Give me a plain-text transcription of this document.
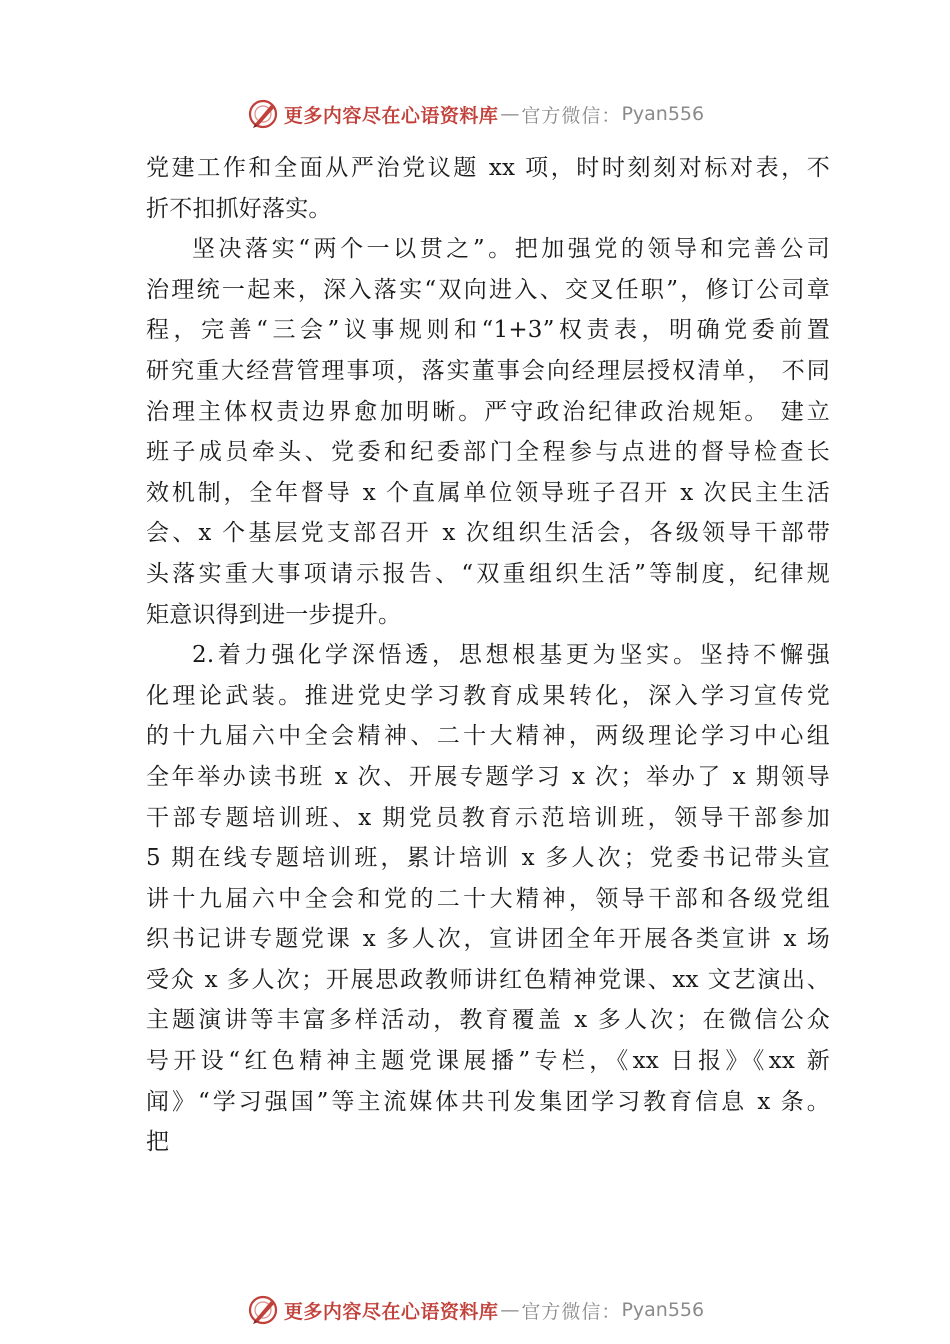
更多内容尽在心语资料库 — 官方微信： Pyan556
党建工作和全面从严治党议题 xx 项，时时刻刻对标对表，不
折不扣抓好落实。
坚决落实“两个一以贯之”。把加强党的领导和完善公司
治理统一起来，深入落实“双向进入、交叉任职”，修订公司章
程，完善“三会”议事规则和“1+3”权责表，明确党委前置
研究重大经营管理事项，落实董事会向经理层授权清单， 不同
治理主体权责边界愈加明晰。严守政治纪律政治规矩。 建立
班子成员牵头、党委和纪委部门全程参与点进的督导检查长
效机制，全年督导 x 个直属单位领导班子召开 x 次民主生活
会、x 个基层党支部召开 x 次组织生活会，各级领导干部带
头落实重大事项请示报告、“双重组织生活”等制度，纪律规
矩意识得到进一步提升。
2.着力强化学深悟透，思想根基更为坚实。坚持不懈强
化理论武装。推进党史学习教育成果转化，深入学习宣传党
的十九届六中全会精神、二十大精神，两级理论学习中心组
全年举办读书班 x 次、开展专题学习 x 次；举办了 x 期领导
干部专题培训班、x 期党员教育示范培训班，领导干部参加
5 期在线专题培训班，累计培训 x 多人次；党委书记带头宣
讲十九届六中全会和党的二十大精神，领导干部和各级党组
织书记讲专题党课 x 多人次，宣讲团全年开展各类宣讲 x 场
受众 x 多人次；开展思政教师讲红色精神党课、xx 文艺演出、
主题演讲等丰富多样活动，教育覆盖 x 多人次；在微信公众
号开设“红色精神主题党课展播”专栏，《xx 日报》《xx 新
闻》“学习强国”等主流媒体共刊发集团学习教育信息 x 条。
把
更多内容尽在心语资料库 — 官方微信： Pyan556
